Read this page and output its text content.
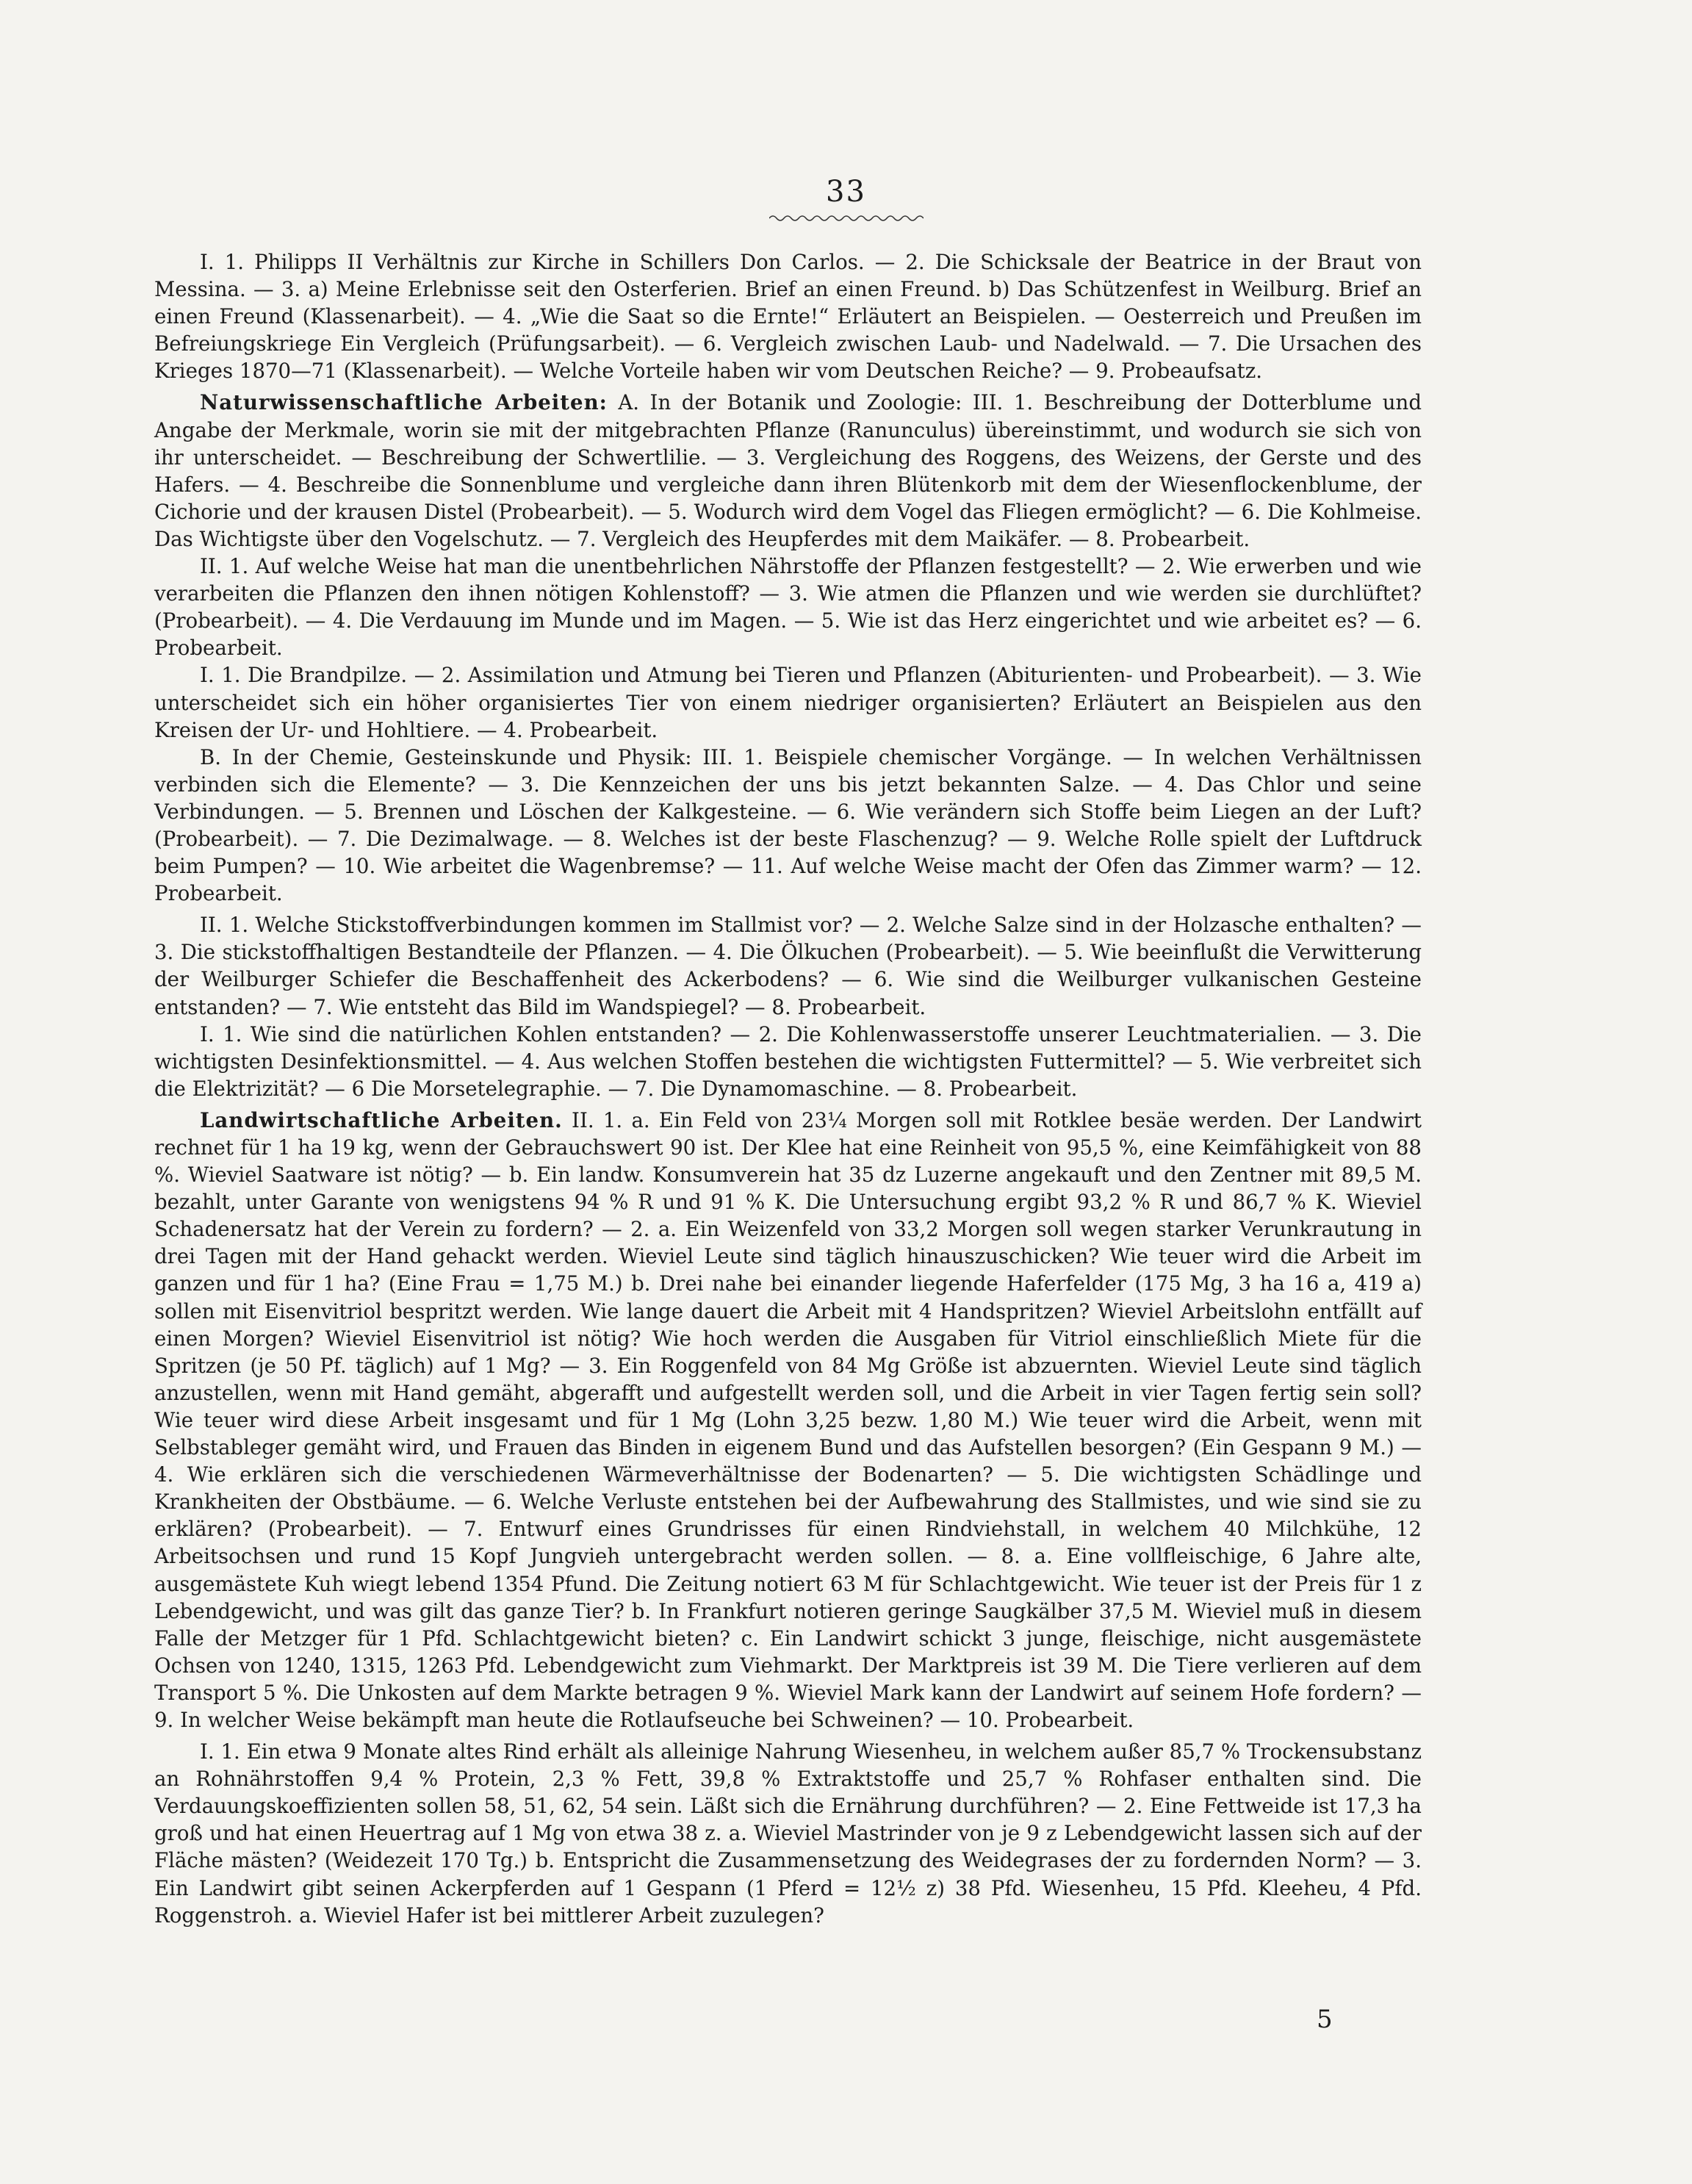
33

I. 1. Philipps II Verhältnis zur Kirche in Schillers Don Carlos. — 2. Die Schicksale der Beatrice in der Braut von Messina. — 3. a) Meine Erlebnisse seit den Osterferien. Brief an einen Freund. b) Das Schützenfest in Weilburg. Brief an einen Freund (Klassenarbeit). — 4. „Wie die Saat so die Ernte!“ Erläutert an Beispielen. — Oesterreich und Preußen im Befreiungskriege Ein Vergleich (Prüfungsarbeit). — 6. Vergleich zwischen Laub- und Nadelwald. — 7. Die Ursachen des Krieges 1870—71 (Klassenarbeit). — Welche Vorteile haben wir vom Deutschen Reiche? — 9. Probeaufsatz.

Naturwissenschaftliche Arbeiten: A. In der Botanik und Zoologie: III. 1. Beschreibung der Dotterblume und Angabe der Merkmale, worin sie mit der mitgebrachten Pflanze (Ranunculus) übereinstimmt, und wodurch sie sich von ihr unterscheidet. — Beschreibung der Schwertlilie. — 3. Vergleichung des Roggens, des Weizens, der Gerste und des Hafers. — 4. Beschreibe die Sonnenblume und vergleiche dann ihren Blütenkorb mit dem der Wiesenflockenblume, der Cichorie und der krausen Distel (Probearbeit). — 5. Wodurch wird dem Vogel das Fliegen ermöglicht? — 6. Die Kohlmeise. Das Wichtigste über den Vogelschutz. — 7. Vergleich des Heupferdes mit dem Maikäfer. — 8. Probearbeit.

II. 1. Auf welche Weise hat man die unentbehrlichen Nährstoffe der Pflanzen festgestellt? — 2. Wie erwerben und wie verarbeiten die Pflanzen den ihnen nötigen Kohlenstoff? — 3. Wie atmen die Pflanzen und wie werden sie durchlüftet? (Probearbeit). — 4. Die Verdauung im Munde und im Magen. — 5. Wie ist das Herz eingerichtet und wie arbeitet es? — 6. Probearbeit.

I. 1. Die Brandpilze. — 2. Assimilation und Atmung bei Tieren und Pflanzen (Abiturienten- und Probearbeit). — 3. Wie unterscheidet sich ein höher organisiertes Tier von einem niedriger organisierten? Erläutert an Beispielen aus den Kreisen der Ur- und Hohltiere. — 4. Probearbeit.

B. In der Chemie, Gesteinskunde und Physik: III. 1. Beispiele chemischer Vorgänge. — In welchen Verhältnissen verbinden sich die Elemente? — 3. Die Kennzeichen der uns bis jetzt bekannten Salze. — 4. Das Chlor und seine Verbindungen. — 5. Brennen und Löschen der Kalkgesteine. — 6. Wie verändern sich Stoffe beim Liegen an der Luft? (Probearbeit). — 7. Die Dezimalwage. — 8. Welches ist der beste Flaschenzug? — 9. Welche Rolle spielt der Luftdruck beim Pumpen? — 10. Wie arbeitet die Wagenbremse? — 11. Auf welche Weise macht der Ofen das Zimmer warm? — 12. Probearbeit.

II. 1. Welche Stickstoffverbindungen kommen im Stallmist vor? — 2. Welche Salze sind in der Holzasche enthalten? — 3. Die stickstoffhaltigen Bestandteile der Pflanzen. — 4. Die Ölkuchen (Probearbeit). — 5. Wie beeinflußt die Verwitterung der Weilburger Schiefer die Beschaffenheit des Ackerbodens? — 6. Wie sind die Weilburger vulkanischen Gesteine entstanden? — 7. Wie entsteht das Bild im Wandspiegel? — 8. Probearbeit.

I. 1. Wie sind die natürlichen Kohlen entstanden? — 2. Die Kohlenwasserstoffe unserer Leuchtmaterialien. — 3. Die wichtigsten Desinfektionsmittel. — 4. Aus welchen Stoffen bestehen die wichtigsten Futtermittel? — 5. Wie verbreitet sich die Elektrizität? — 6 Die Morsetelegraphie. — 7. Die Dynamomaschine. — 8. Probearbeit.

Landwirtschaftliche Arbeiten. II. 1. a. Ein Feld von 23¼ Morgen soll mit Rotklee besäe werden. Der Landwirt rechnet für 1 ha 19 kg, wenn der Gebrauchswert 90 ist. Der Klee hat eine Reinheit von 95,5 %, eine Keimfähigkeit von 88 %. Wieviel Saatware ist nötig? — b. Ein landw. Konsumverein hat 35 dz Luzerne angekauft und den Zentner mit 89,5 M. bezahlt, unter Garante von wenigstens 94 % R und 91 % K. Die Untersuchung ergibt 93,2 % R und 86,7 % K. Wieviel Schadenersatz hat der Verein zu fordern? — 2. a. Ein Weizenfeld von 33,2 Morgen soll wegen starker Verunkrautung in drei Tagen mit der Hand gehackt werden. Wieviel Leute sind täglich hinauszuschicken? Wie teuer wird die Arbeit im ganzen und für 1 ha? (Eine Frau = 1,75 M.) b. Drei nahe bei einander liegende Haferfelder (175 Mg, 3 ha 16 a, 419 a) sollen mit Eisenvitriol bespritzt werden. Wie lange dauert die Arbeit mit 4 Handspritzen? Wieviel Arbeitslohn entfällt auf einen Morgen? Wieviel Eisenvitriol ist nötig? Wie hoch werden die Ausgaben für Vitriol einschließlich Miete für die Spritzen (je 50 Pf. täglich) auf 1 Mg? — 3. Ein Roggenfeld von 84 Mg Größe ist abzuernten. Wieviel Leute sind täglich anzustellen, wenn mit Hand gemäht, abgerafft und aufgestellt werden soll, und die Arbeit in vier Tagen fertig sein soll? Wie teuer wird diese Arbeit insgesamt und für 1 Mg (Lohn 3,25 bezw. 1,80 M.) Wie teuer wird die Arbeit, wenn mit Selbstableger gemäht wird, und Frauen das Binden in eigenem Bund und das Aufstellen besorgen? (Ein Gespann 9 M.) — 4. Wie erklären sich die verschiedenen Wärmeverhältnisse der Bodenarten? — 5. Die wichtigsten Schädlinge und Krankheiten der Obstbäume. — 6. Welche Verluste entstehen bei der Aufbewahrung des Stallmistes, und wie sind sie zu erklären? (Probearbeit). — 7. Entwurf eines Grundrisses für einen Rindviehstall, in welchem 40 Milchkühe, 12 Arbeitsochsen und rund 15 Kopf Jungvieh untergebracht werden sollen. — 8. a. Eine vollfleischige, 6 Jahre alte, ausgemästete Kuh wiegt lebend 1354 Pfund. Die Zeitung notiert 63 M für Schlachtgewicht. Wie teuer ist der Preis für 1 z Lebendgewicht, und was gilt das ganze Tier? b. In Frankfurt notieren geringe Saugkälber 37,5 M. Wieviel muß in diesem Falle der Metzger für 1 Pfd. Schlachtgewicht bieten? c. Ein Landwirt schickt 3 junge, fleischige, nicht ausgemästete Ochsen von 1240, 1315, 1263 Pfd. Lebendgewicht zum Viehmarkt. Der Marktpreis ist 39 M. Die Tiere verlieren auf dem Transport 5 %. Die Unkosten auf dem Markte betragen 9 %. Wieviel Mark kann der Landwirt auf seinem Hofe fordern? — 9. In welcher Weise bekämpft man heute die Rotlaufseuche bei Schweinen? — 10. Probearbeit.

I. 1. Ein etwa 9 Monate altes Rind erhält als alleinige Nahrung Wiesenheu, in welchem außer 85,7 % Trockensubstanz an Rohnährstoffen 9,4 % Protein, 2,3 % Fett, 39,8 % Extraktstoffe und 25,7 % Rohfaser enthalten sind. Die Verdauungskoeffizienten sollen 58, 51, 62, 54 sein. Läßt sich die Ernährung durchführen? — 2. Eine Fettweide ist 17,3 ha groß und hat einen Heuertrag auf 1 Mg von etwa 38 z. a. Wieviel Mastrinder von je 9 z Lebendgewicht lassen sich auf der Fläche mästen? (Weidezeit 170 Tg.) b. Entspricht die Zusammensetzung des Weidegrases der zu fordernden Norm? — 3. Ein Landwirt gibt seinen Ackerpferden auf 1 Gespann (1 Pferd = 12½ z) 38 Pfd. Wiesenheu, 15 Pfd. Kleeheu, 4 Pfd. Roggenstroh. a. Wieviel Hafer ist bei mittlerer Arbeit zuzulegen?

5
